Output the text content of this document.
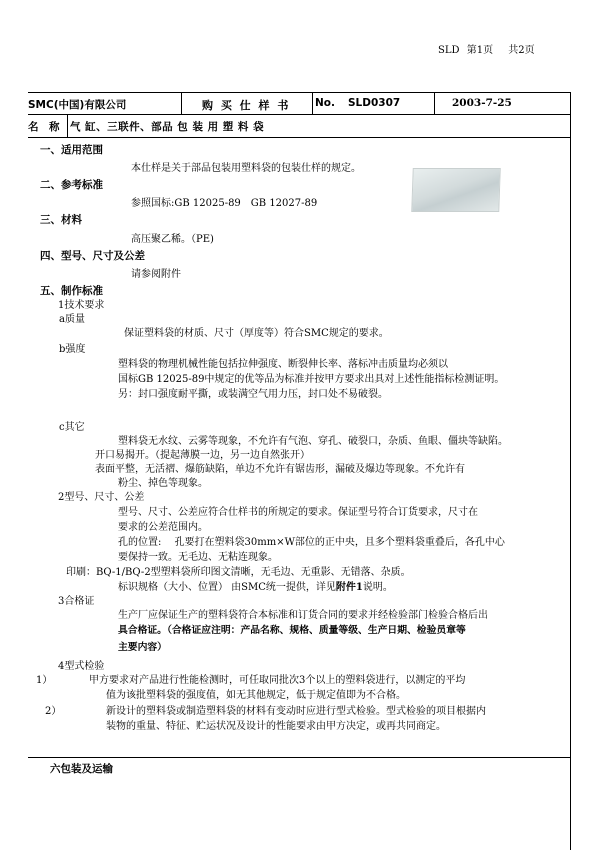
SLD 第1页 共2页
SMC(中国)有限公司	购 买 仕 样 书 No. SLD0307	2003-7-25
名　称 气 缸、三联件、部品 包 装 用 塑 料 袋
一、适用范围
本仕样是关于部品包装用塑料袋的包装仕样的规定。
二、参考标准
参照国标:GB 12025-89　GB 12027-89
三、材料
高压聚乙稀。（PE)
四、型号、尺寸及公差
请参阅附件
五、制作标准
1技术要求
a质量
保证塑料袋的材质、尺寸（厚度等）符合SMC规定的要求。
b强度
塑料袋的物理机械性能包括拉伸强度、断裂伸长率、落标冲击质量均必须以
国标GB 12025-89中规定的优等品为标准并按甲方要求出具对上述性能指标检测证明。
另：封口强度耐平撕，或装满空气用力压，封口处不易破裂。
c其它
塑料袋无水纹、云雾等现象，不允许有气泡、穿孔、破裂口，杂质、鱼眼、僵块等缺陷。
开口易揭开。（提起薄膜一边，另一边自然张开）
表面平整，无活褶、爆筋缺陷，单边不允许有锯齿形，漏破及爆边等现象。不允许有
粉尘、掉色等现象。
2型号、尺寸、公差
型号、尺寸、公差应符合仕样书的所规定的要求。保证型号符合订货要求，尺寸在
要求的公差范围内。
孔的位置:　 孔要打在塑料袋30mm×W部位的正中央，且多个塑料袋重叠后，各孔中心
要保持一致。无毛边、无粘连现象。
印刷：BQ-1/BQ-2型塑料袋所印图文清晰，无毛边、无重影、无错落、杂质。
标识规格（大小、位置） 由SMC统一提供，详见附件1说明。
3合格证
生产厂应保证生产的塑料袋符合本标准和订货合同的要求并经检验部门检验合格后出
具合格证。（合格证应注明：产品名称、规格、质量等级、生产日期、检验员章等
主要内容）
4型式检验
1）	甲方要求对产品进行性能检测时，可任取同批次3个以上的塑料袋进行，以测定的平均
值为该批塑料袋的强度值，如无其他规定，低于规定值即为不合格。
2）	新设计的塑料袋或制造塑料袋的材料有变动时应进行型式检验。型式检验的项目根据内
装物的重量、特征、贮运状况及设计的性能要求由甲方决定，或再共同商定。
六包装及运输
